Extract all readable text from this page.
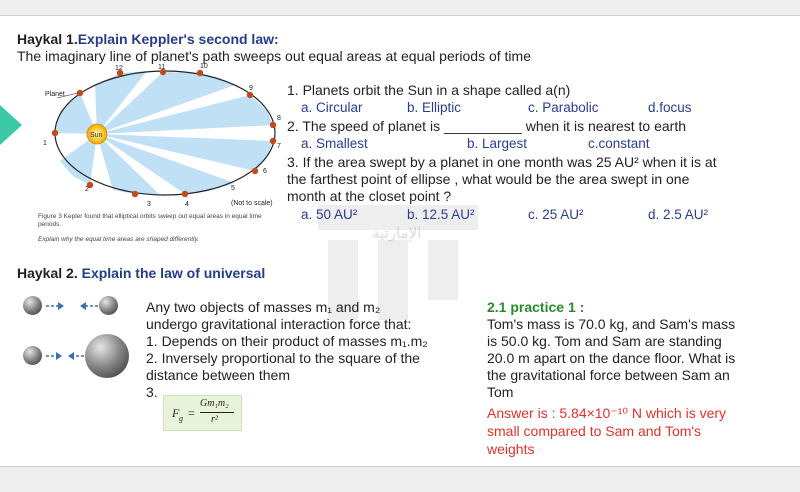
الإمارتية
Haykal 1.Explain Keppler's second law:
The imaginary line of planet's path sweeps out equal areas at equal periods of time
Sun
Planet
1
2
3	4
5
6
7
8
9
10
11
12
(Not to scale)
Figure 3 Kepler found that elliptical orbits sweep out equal areas in equal time periods.
Explain why the equal time areas are shaped differently.
1. Planets orbit the Sun in a shape called a(n)
a. Circular	b. Elliptic	c. Parabolic	d.focus
2. The speed of planet is __________ when it is nearest to earth
a. Smallest	b. Largest	c.constant
3. If the area swept by a planet in one month was 25 AU² when it is at
the farthest point of ellipse , what would be the area swept in one
month at the closet point ?
a. 50 AU²	b. 12.5 AU²	c. 25 AU²	d. 2.5 AU²
Haykal 2. Explain the law of universal
Any two objects of masses m₁ and m₂
undergo gravitational interaction force that:
1. Depends on their product of masses m₁.m₂
2. Inversely proportional to the square of the
distance between them
3.
F g =
Gm₁m₂
r²
2.1 practice 1 :
Tom's mass is 70.0 kg, and Sam's mass
is 50.0 kg. Tom and Sam are standing
20.0 m apart on the dance floor. What is
the gravitational force between Sam an
Tom
Answer is : 5.84×10⁻¹⁰ N which is very
small compared to Sam and Tom's
weights
